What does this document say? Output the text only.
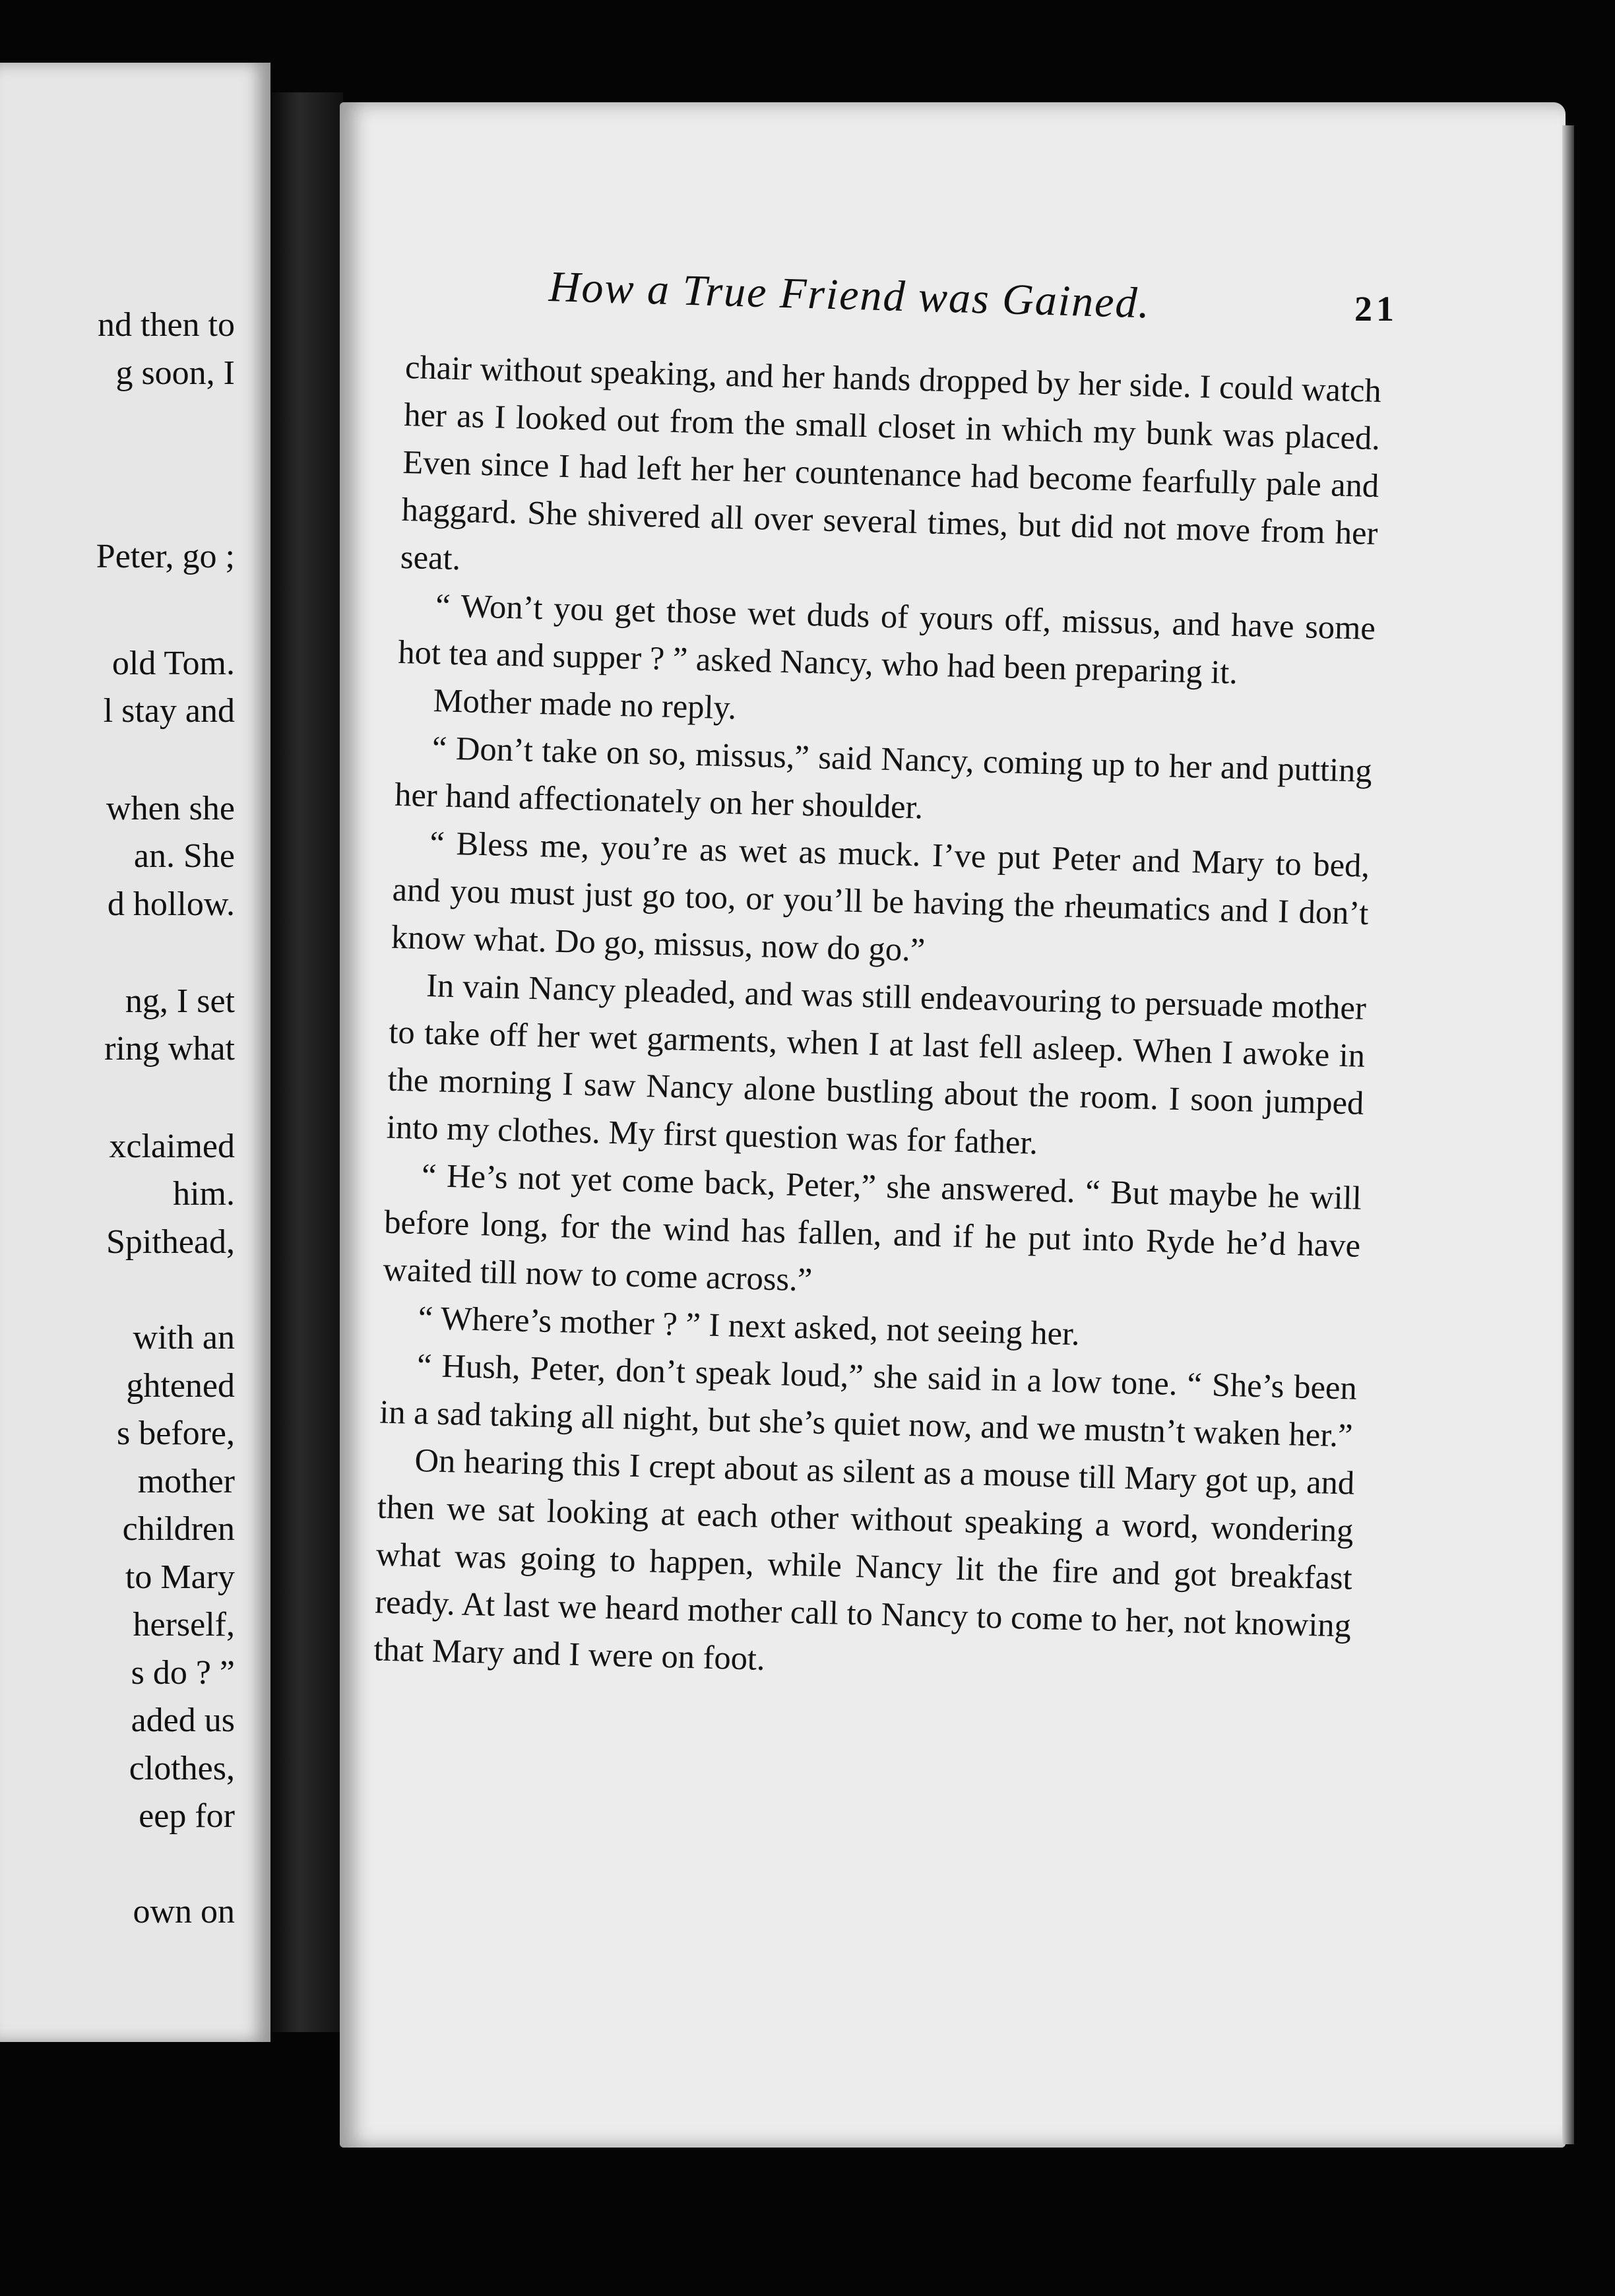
nd then to
g soon, I
Peter, go ;
old Tom.
l stay and
when she
an. She
d hollow.
ng, I set
ring what
xclaimed
him.
Spithead,
with an
ghtened
s before,
mother
children
to Mary
herself,
s do ? ”
aded us
clothes,
eep for
own on
How a True Friend was Gained.	21

chair without speaking, and her hands dropped by her side. I could watch her as I looked out from the small closet in which my bunk was placed. Even since I had left her her countenance had become fearfully pale and haggard. She shivered all over several times, but did not move from her seat.

“ Won’t you get those wet duds of yours off, missus, and have some hot tea and supper ? ” asked Nancy, who had been preparing it.

Mother made no reply.

“ Don’t take on so, missus,” said Nancy, coming up to her and putting her hand affectionately on her shoulder.

“ Bless me, you’re as wet as muck. I’ve put Peter and Mary to bed, and you must just go too, or you’ll be having the rheumatics and I don’t know what. Do go, missus, now do go.”

In vain Nancy pleaded, and was still endeavouring to persuade mother to take off her wet garments, when I at last fell asleep. When I awoke in the morning I saw Nancy alone bustling about the room. I soon jumped into my clothes. My first question was for father.

“ He’s not yet come back, Peter,” she answered. “ But maybe he will before long, for the wind has fallen, and if he put into Ryde he’d have waited till now to come across.”

“ Where’s mother ? ” I next asked, not seeing her.

“ Hush, Peter, don’t speak loud,” she said in a low tone. “ She’s been in a sad taking all night, but she’s quiet now, and we mustn’t waken her.”

On hearing this I crept about as silent as a mouse till Mary got up, and then we sat looking at each other without speaking a word, wondering what was going to happen, while Nancy lit the fire and got breakfast ready. At last we heard mother call to Nancy to come to her, not knowing that Mary and I were on foot.
